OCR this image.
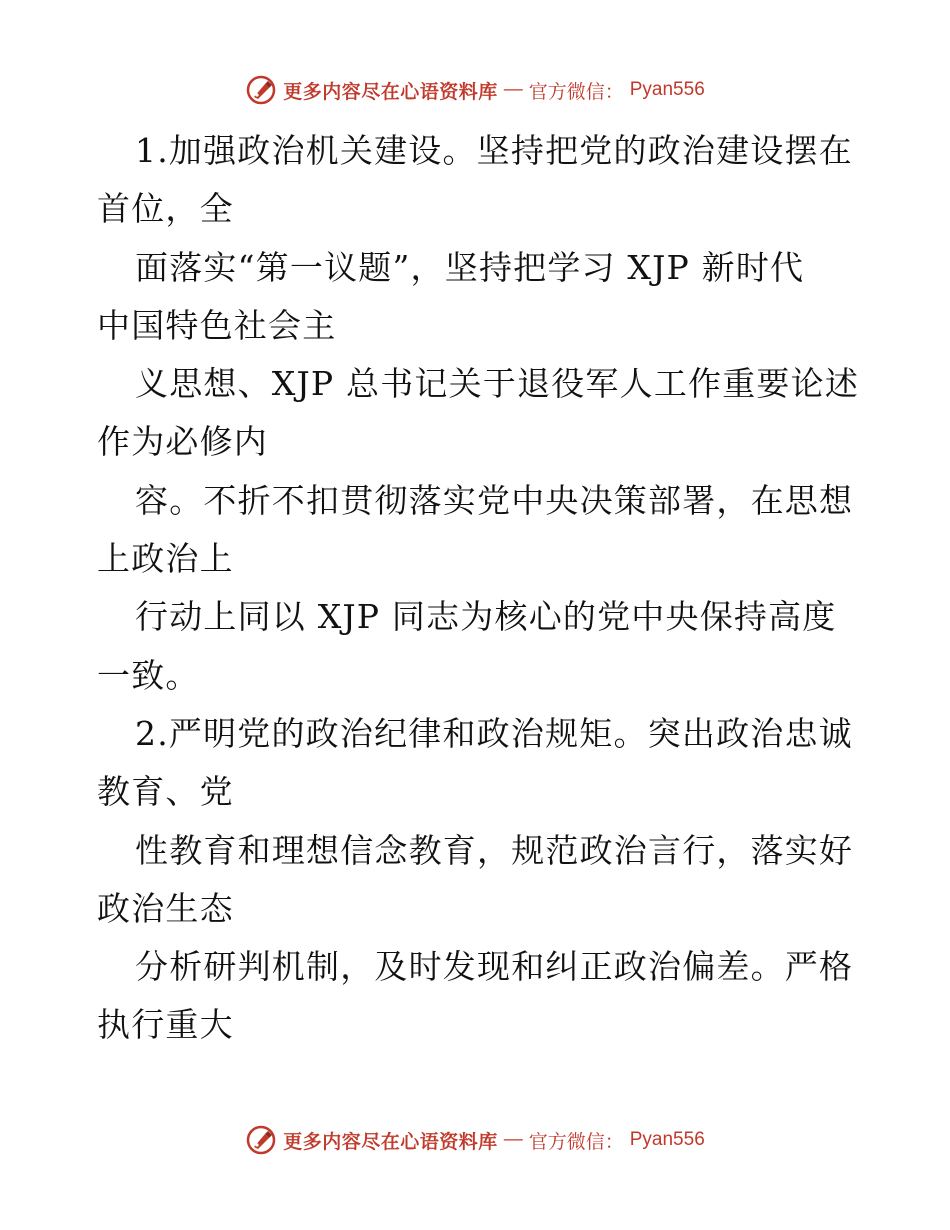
更多内容尽在心语资料库 — 官方微信： Pyan556
1.加强政治机关建设。坚持把党的政治建设摆在
首位，全
面落实“第一议题”，坚持把学习 XJP 新时代
中国特色社会主
义思想、XJP 总书记关于退役军人工作重要论述
作为必修内
容。不折不扣贯彻落实党中央决策部署，在思想
上政治上
行动上同以 XJP 同志为核心的党中央保持高度
一致。
2.严明党的政治纪律和政治规矩。突出政治忠诚
教育、党
性教育和理想信念教育，规范政治言行，落实好
政治生态
分析研判机制，及时发现和纠正政治偏差。严格
执行重大
更多内容尽在心语资料库 — 官方微信： Pyan556
